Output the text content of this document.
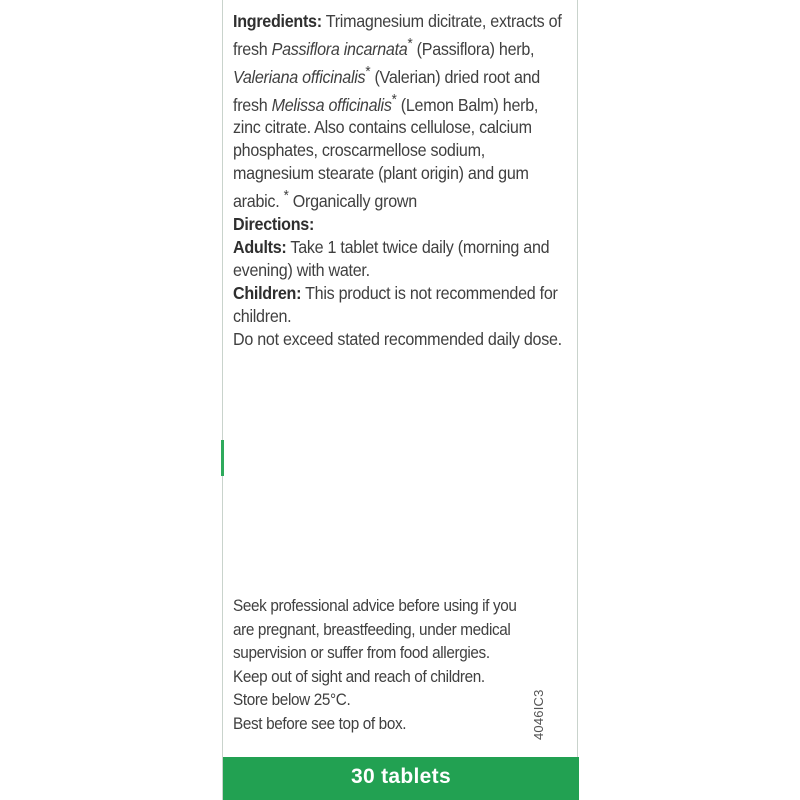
Ingredients: Trimagnesium dicitrate, extracts of fresh Passiflora incarnata* (Passiflora) herb, Valeriana officinalis* (Valerian) dried root and fresh Melissa officinalis* (Lemon Balm) herb, zinc citrate. Also contains cellulose, calcium phosphates, croscarmellose sodium, magnesium stearate (plant origin) and gum arabic. * Organically grown

Directions:

Adults: Take 1 tablet twice daily (morning and evening) with water.

Children: This product is not recommended for children.

Do not exceed stated recommended daily dose.

Seek professional advice before using if you
are pregnant, breastfeeding, under medical
supervision or suffer from food allergies.
Keep out of sight and reach of children.
Store below 25°C.
Best before see top of box.	4046IC3
30 tablets
